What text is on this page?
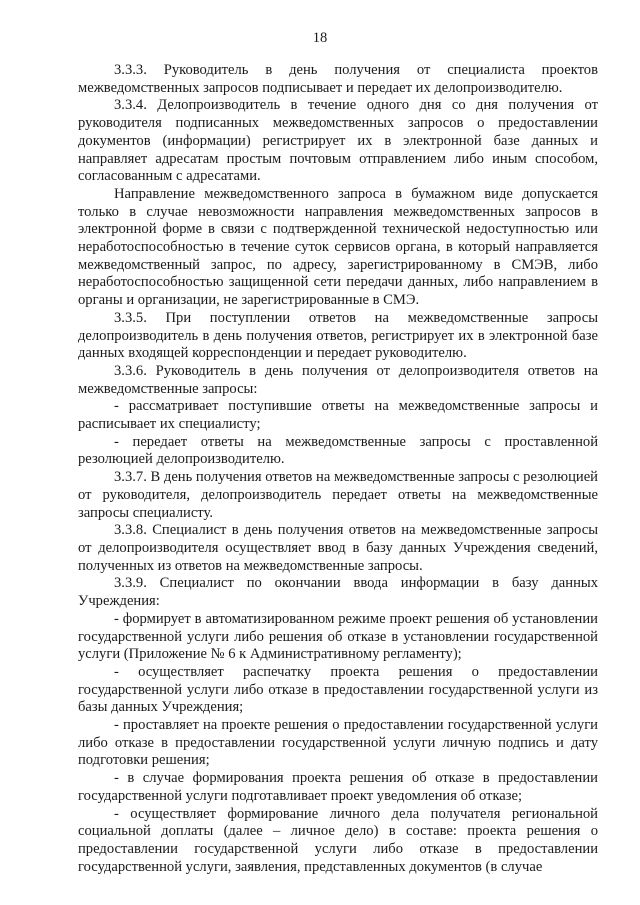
18

3.3.3. Руководитель в день получения от специалиста проектов межведомственных запросов подписывает и передает их делопроизводителю.

3.3.4. Делопроизводитель в течение одного дня со дня получения от руководителя подписанных межведомственных запросов о предоставлении документов (информации) регистрирует их в электронной базе данных и направляет адресатам простым почтовым отправлением либо иным способом, согласованным с адресатами.

Направление межведомственного запроса в бумажном виде допускается только в случае невозможности направления межведомственных запросов в электронной форме в связи с подтвержденной технической недоступностью или неработоспособностью в течение суток сервисов органа, в который направляется межведомственный запрос, по адресу, зарегистрированному в СМЭВ, либо неработоспособностью защищенной сети передачи данных, либо направлением в органы и организации, не зарегистрированные в СМЭ.

3.3.5. При поступлении ответов на межведомственные запросы делопроизводитель в день получения ответов, регистрирует их в электронной базе данных входящей корреспонденции и передает руководителю.

3.3.6. Руководитель в день получения от делопроизводителя ответов на межведомственные запросы:

- рассматривает поступившие ответы на межведомственные запросы и расписывает их специалисту;

- передает ответы на межведомственные запросы с проставленной резолюцией делопроизводителю.

3.3.7. В день получения ответов на межведомственные запросы с резолюцией от руководителя, делопроизводитель передает ответы на межведомственные запросы специалисту.

3.3.8. Специалист в день получения ответов на межведомственные запросы от делопроизводителя осуществляет ввод в базу данных Учреждения сведений, полученных из ответов на межведомственные запросы.

3.3.9. Специалист по окончании ввода информации в базу данных Учреждения:

- формирует в автоматизированном режиме проект решения об установлении государственной услуги либо решения об отказе в установлении государственной услуги (Приложение № 6 к Административному регламенту);

- осуществляет распечатку проекта решения о предоставлении государственной услуги либо отказе в предоставлении государственной услуги из базы данных Учреждения;

- проставляет на проекте решения о предоставлении государственной услуги либо отказе в предоставлении государственной услуги личную подпись и дату подготовки решения;

- в случае формирования проекта решения об отказе в предоставлении государственной услуги подготавливает проект уведомления об отказе;

- осуществляет формирование личного дела получателя региональной социальной доплаты (далее – личное дело) в составе: проекта решения о предоставлении государственной услуги либо отказе в предоставлении государственной услуги, заявления, представленных документов (в случае
